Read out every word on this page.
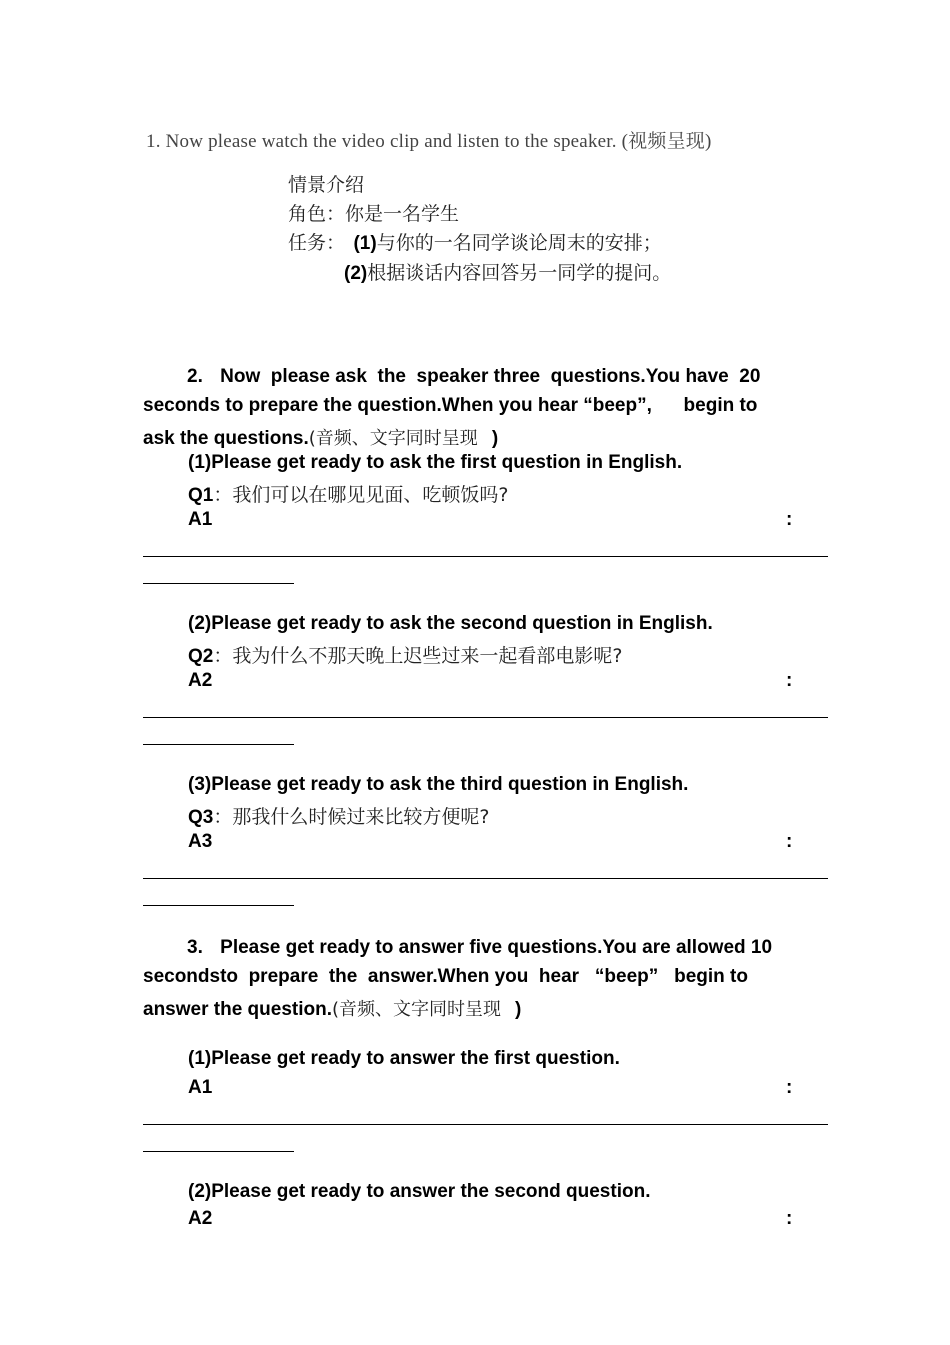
1. Now please watch the video clip and listen to the speaker. (视频呈现)
情景介绍
角色：你是一名学生
任务： (1)与你的一名同学谈论周末的安排；
(2)根据谈话内容回答另一同学的提问。
2. Now  please ask  the  speaker three  questions.You have  20
seconds to prepare the question.When you hear “beep”,      begin to
ask the questions.(音频、文字同时呈现 )
(1)Please get ready to ask the first question in English.
Q1：我们可以在哪见见面、吃顿饭吗?
A1	:
(2)Please get ready to ask the second question in English.
Q2：我为什么不那天晚上迟些过来一起看部电影呢?
A2	:
(3)Please get ready to ask the third question in English.
Q3：那我什么时候过来比较方便呢?
A3	:
3. Please get ready to answer five questions.You are allowed 10
secondsto  prepare  the  answer.When you  hear   “beep”   begin to
answer the question.(音频、文字同时呈现 )
(1)Please get ready to answer the first question.
A1	:
(2)Please get ready to answer the second question.
A2	:
